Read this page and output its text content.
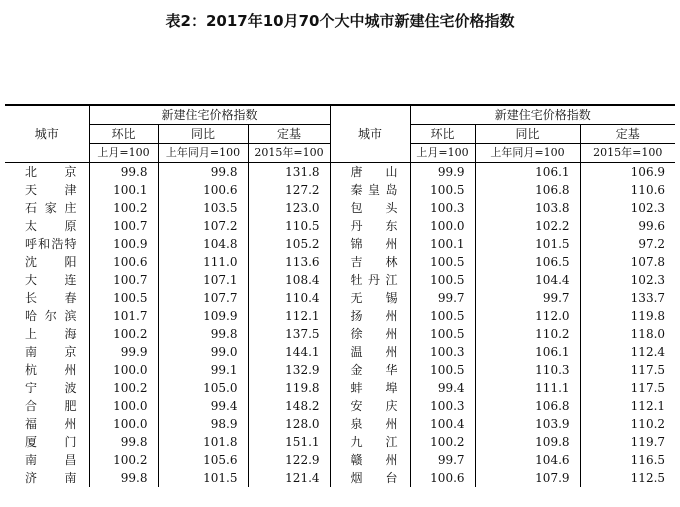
表2：2017年10月70个大中城市新建住宅价格指数
城市	新建住宅价格指数			城市	新建住宅价格指数		
	环比	同比	定基		环比	同比	定基
	上月=100	上年同月=100	2015年=100		上月=100	上年同月=100	2015年=100
北　京	99.8	99.8	131.8	唐　山	99.9	106.1	106.9
天　津	100.1	100.6	127.2	秦皇岛	100.5	106.8	110.6
石家庄	100.2	103.5	123.0	包　头	100.3	103.8	102.3
太　原	100.7	107.2	110.5	丹　东	100.0	102.2	99.6
呼和浩特	100.9	104.8	105.2	锦　州	100.1	101.5	97.2
沈　阳	100.6	111.0	113.6	吉　林	100.5	106.5	107.8
大　连	100.7	107.1	108.4	牡丹江	100.5	104.4	102.3
长　春	100.5	107.7	110.4	无　锡	99.7	99.7	133.7
哈尔滨	101.7	109.9	112.1	扬　州	100.5	112.0	119.8
上　海	100.2	99.8	137.5	徐　州	100.5	110.2	118.0
南　京	99.9	99.0	144.1	温　州	100.3	106.1	112.4
杭　州	100.0	99.1	132.9	金　华	100.5	110.3	117.5
宁　波	100.2	105.0	119.8	蚌　埠	99.4	111.1	117.5
合　肥	100.0	99.4	148.2	安　庆	100.3	106.8	112.1
福　州	100.0	98.9	128.0	泉　州	100.4	103.9	110.2
厦　门	99.8	101.8	151.1	九　江	100.2	109.8	119.7
南　昌	100.2	105.6	122.9	赣　州	99.7	104.6	116.5
济　南	99.8	101.5	121.4	烟　台	100.6	107.9	112.5
